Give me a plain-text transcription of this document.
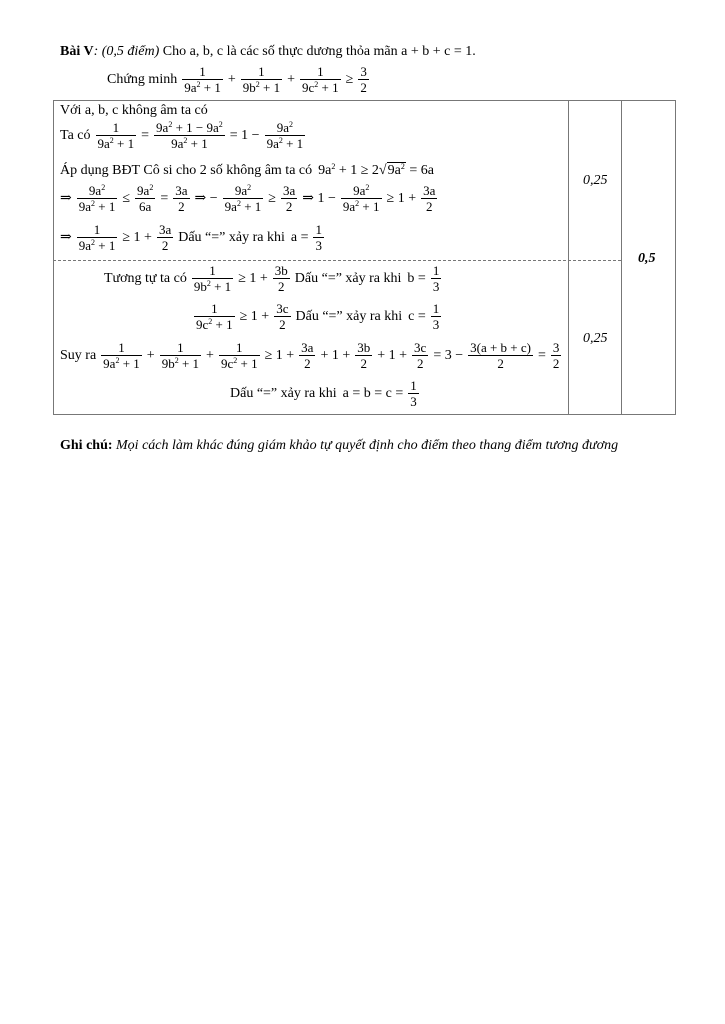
Bài V: (0,5 điểm) Cho a, b, c là các số thực dương thỏa mãn a + b + c = 1.
Chứng minh $\frac{1}{9a^2 + 1} + \frac{1}{9b^2 + 1} + \frac{1}{9c^2 + 1} \ge \frac{3}{2}$
Với a, b, c không âm ta có
Ta có $\frac{1}{9a^2 + 1} = \frac{9a^2 + 1 - 9a^2}{9a^2 + 1} = 1 - \frac{9a^2}{9a^2 + 1}$
Áp dụng BĐT Cô si cho 2 số không âm ta có $9a^2 + 1 \ge 2√9a^2 = 6a$
⇒ $\frac{9a^2}{9a^2 + 1} \le \frac{9a^2}{6a} = \frac{3a}{2}$ ⇒ − $\frac{9a^2}{9a^2 + 1} \ge \frac{3a}{2}$ ⇒ $1 - \frac{9a^2}{9a^2 + 1} \ge 1 + \frac{3a}{2}$
⇒ $\frac{1}{9a^2 + 1} \ge 1 + \frac{3a}{2}$ Dấu “=” xảy ra khi $a = \frac{1}{3}$
0,25
Tương tự ta có $\frac{1}{9b^2 + 1} \ge 1 + \frac{3b}{2}$ Dấu “=” xảy ra khi $b = \frac{1}{3}$
$\frac{1}{9c^2 + 1} \ge 1 + \frac{3c}{2}$ Dấu “=” xảy ra khi $c = \frac{1}{3}$
Suy ra $\frac{1}{9a^2 + 1} + \frac{1}{9b^2 + 1} + \frac{1}{9c^2 + 1} \ge 1 + \frac{3a}{2} + 1 + \frac{3b}{2} + 1 + \frac{3c}{2} = 3 - \frac{3(a + b + c)}{2} = \frac{3}{2}$
Dấu “=” xảy ra khi $a = b = c = \frac{1}{3}$
0,25
0,5
Ghi chú: Mọi cách làm khác đúng giám khảo tự quyết định cho điểm theo thang điểm tương đương
